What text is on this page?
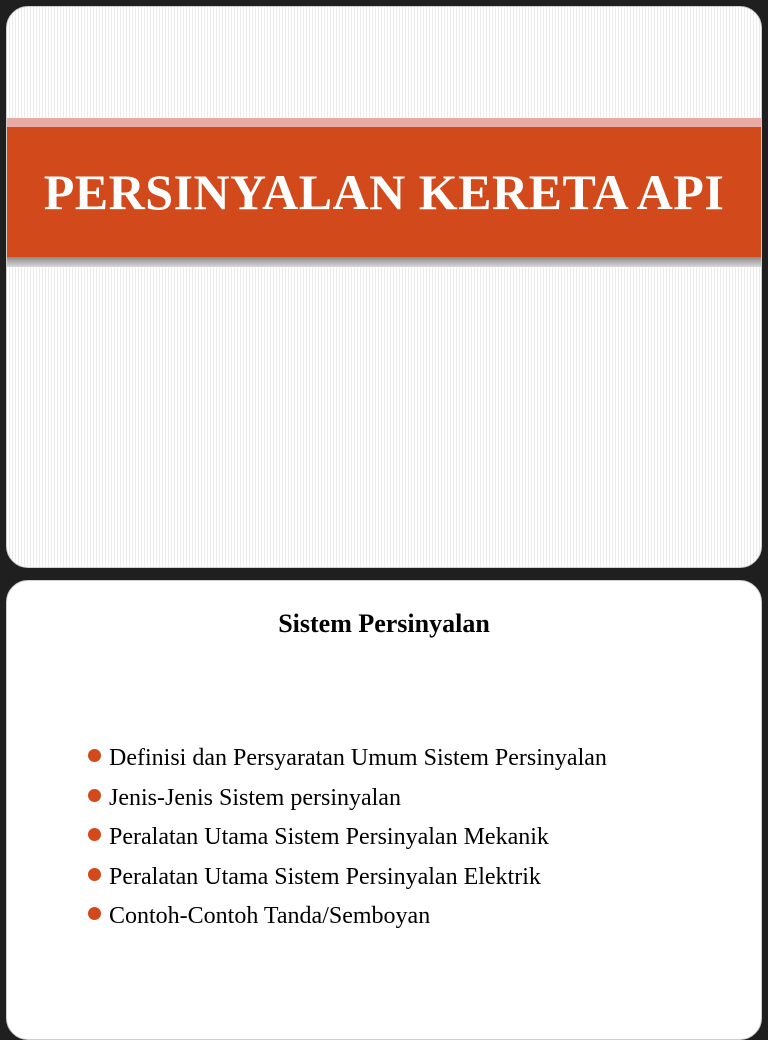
PERSINYALAN KERETA API
Sistem Persinyalan
Definisi dan Persyaratan Umum Sistem Persinyalan
Jenis-Jenis Sistem persinyalan
Peralatan Utama Sistem Persinyalan Mekanik
Peralatan Utama Sistem Persinyalan Elektrik
Contoh-Contoh Tanda/Semboyan
